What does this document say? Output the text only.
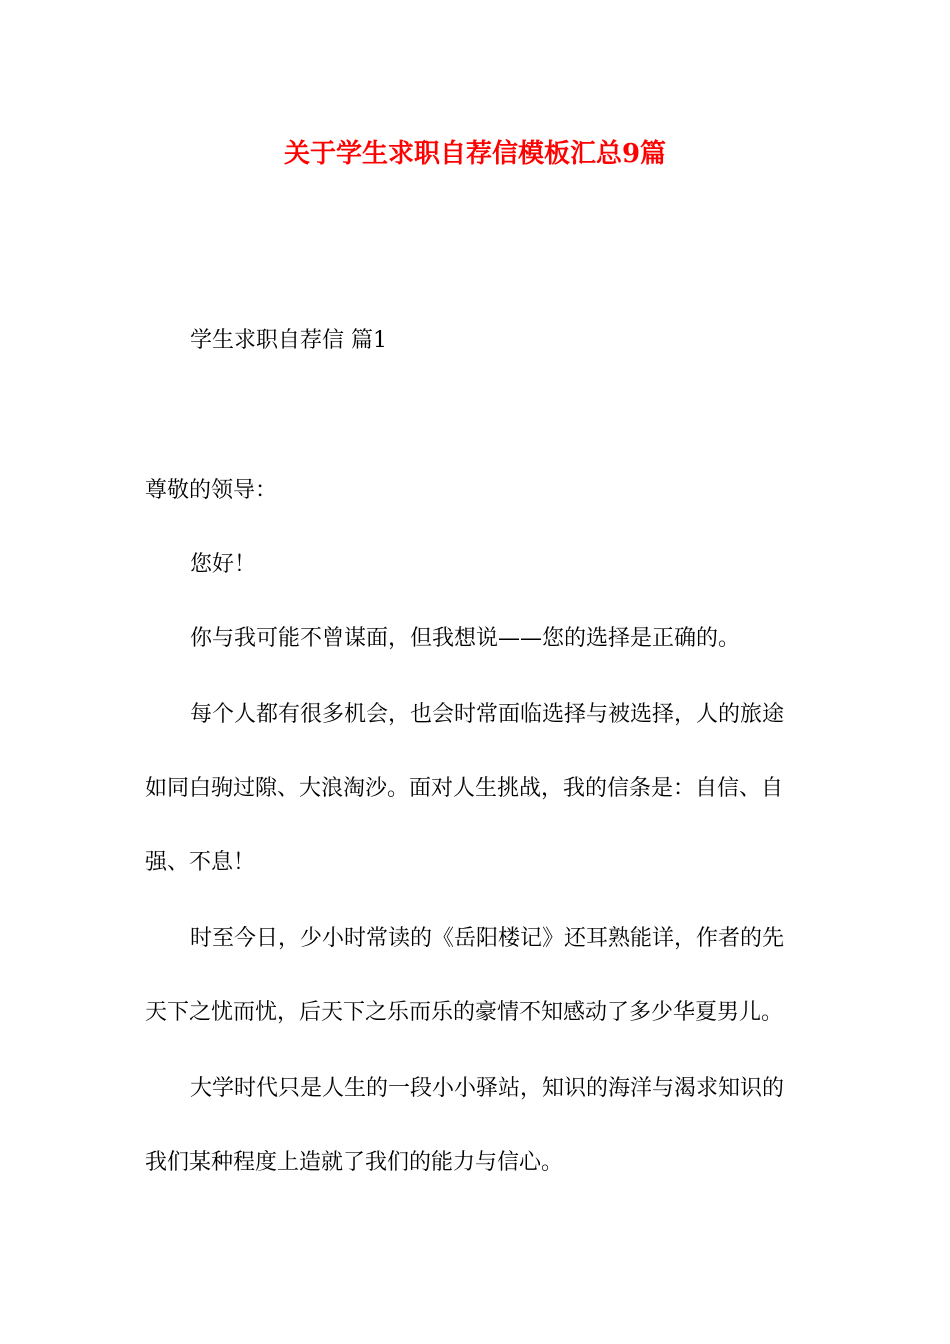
关于学生求职自荐信模板汇总9篇
学生求职自荐信 篇1
尊敬的领导：
您好！
你与我可能不曾谋面，但我想说——您的选择是正确的。
每个人都有很多机会，也会时常面临选择与被选择，人的旅途
如同白驹过隙、大浪淘沙。面对人生挑战，我的信条是：自信、自
强、不息！
时至今日，少小时常读的《岳阳楼记》还耳熟能详，作者的先
天下之忧而忧，后天下之乐而乐的豪情不知感动了多少华夏男儿。
大学时代只是人生的一段小小驿站，知识的海洋与渴求知识的
我们某种程度上造就了我们的能力与信心。
